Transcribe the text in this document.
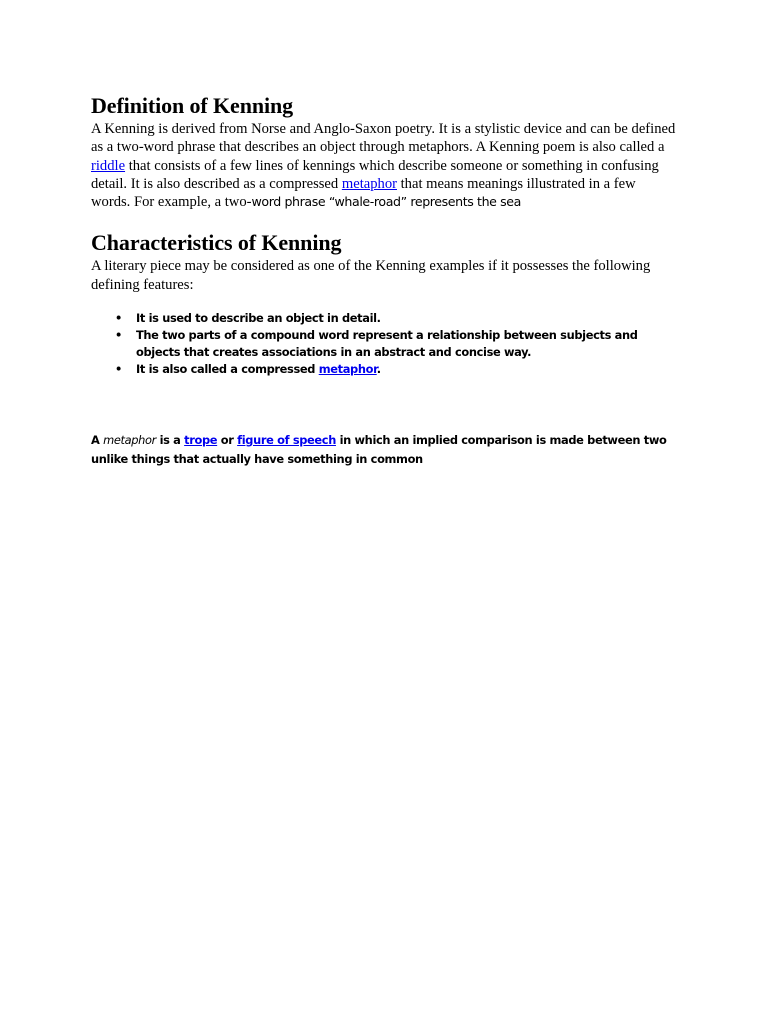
Definition of Kenning

A Kenning is derived from Norse and Anglo-Saxon poetry. It is a stylistic device and can be defined as a two-word phrase that describes an object through metaphors. A Kenning poem is also called a riddle that consists of a few lines of kennings which describe someone or something in confusing detail. It is also described as a compressed metaphor that means meanings illustrated in a few words. For example, a two-word phrase “whale-road” represents the sea

Characteristics of Kenning

A literary piece may be considered as one of the Kenning examples if it possesses the following defining features:

• It is used to describe an object in detail.
• The two parts of a compound word represent a relationship between subjects and objects that creates associations in an abstract and concise way.
• It is also called a compressed metaphor.

A metaphor is a trope or figure of speech in which an implied comparison is made between two unlike things that actually have something in common
